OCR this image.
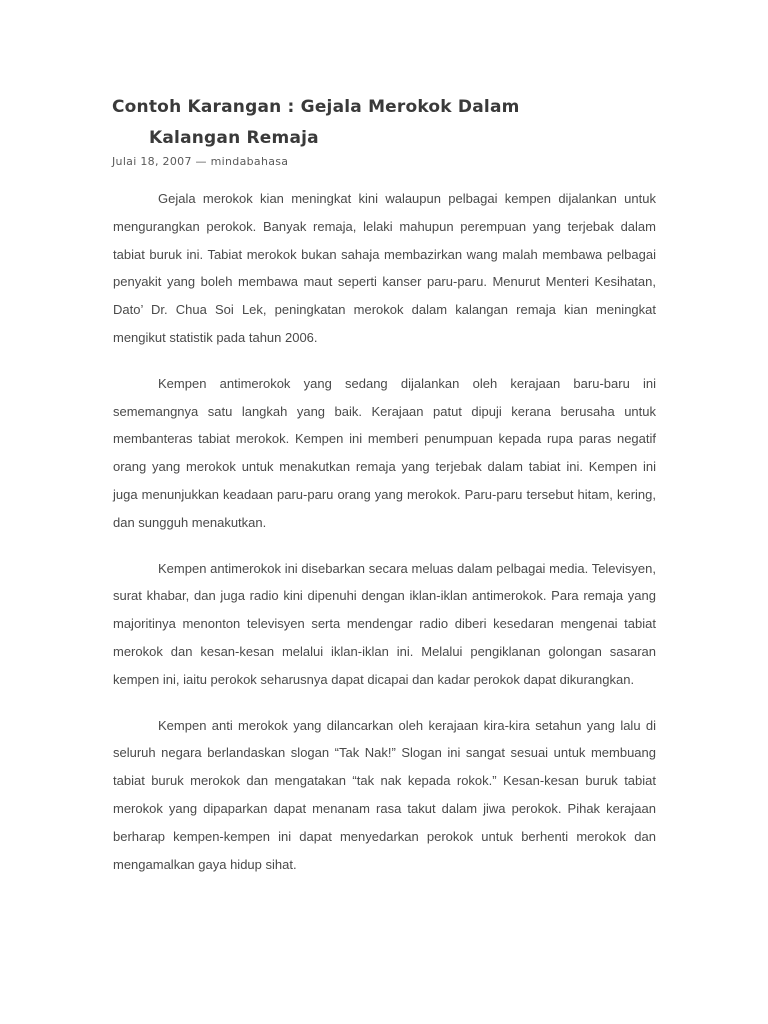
Contoh Karangan : Gejala Merokok Dalam
Kalangan Remaja
Julai 18, 2007 — mindabahasa

Gejala merokok kian meningkat kini walaupun pelbagai kempen dijalankan untuk mengurangkan perokok. Banyak remaja, lelaki mahupun perempuan yang terjebak dalam tabiat buruk ini. Tabiat merokok bukan sahaja membazirkan wang malah membawa pelbagai penyakit yang boleh membawa maut seperti kanser paru-paru. Menurut Menteri Kesihatan, Dato’ Dr. Chua Soi Lek, peningkatan merokok dalam kalangan remaja kian meningkat mengikut statistik pada tahun 2006.

Kempen antimerokok yang sedang dijalankan oleh kerajaan baru-baru ini sememangnya satu langkah yang baik. Kerajaan patut dipuji kerana berusaha untuk membanteras tabiat merokok. Kempen ini memberi penumpuan kepada rupa paras negatif orang yang merokok untuk menakutkan remaja yang terjebak dalam tabiat ini. Kempen ini juga menunjukkan keadaan paru-paru orang yang merokok. Paru-paru tersebut hitam, kering, dan sungguh menakutkan.

Kempen antimerokok ini disebarkan secara meluas dalam pelbagai media. Televisyen, surat khabar, dan juga radio kini dipenuhi dengan iklan-iklan antimerokok. Para remaja yang majoritinya menonton televisyen serta mendengar radio diberi kesedaran mengenai tabiat merokok dan kesan-kesan melalui iklan-iklan ini. Melalui pengiklanan golongan sasaran kempen ini, iaitu perokok seharusnya dapat dicapai dan kadar perokok dapat dikurangkan.

Kempen anti merokok yang dilancarkan oleh kerajaan kira-kira setahun yang lalu di seluruh negara berlandaskan slogan “Tak Nak!” Slogan ini sangat sesuai untuk membuang tabiat buruk merokok dan mengatakan “tak nak kepada rokok.” Kesan-kesan buruk tabiat merokok yang dipaparkan dapat menanam rasa takut dalam jiwa perokok. Pihak kerajaan berharap kempen-kempen ini dapat menyedarkan perokok untuk berhenti merokok dan mengamalkan gaya hidup sihat.
